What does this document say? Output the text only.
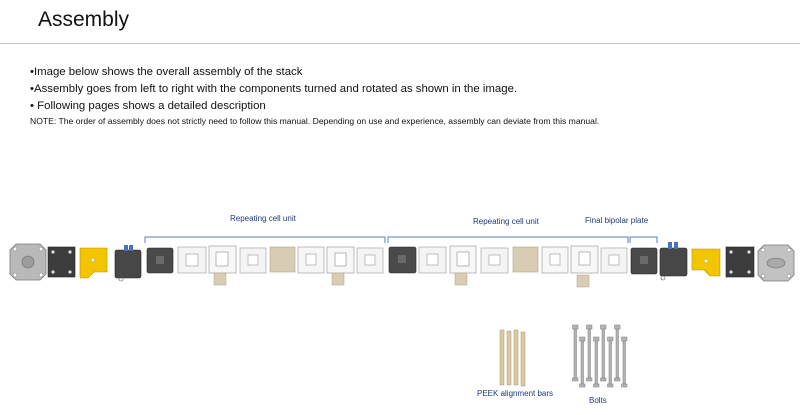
Assembly
•Image below shows the overall assembly of the stack
•Assembly goes from left to right with the components turned and rotated as shown in the image.
• Following pages shows a detailed description
NOTE: The order of assembly does not strictly need to follow this manual. Depending on use and experience, assembly can deviate from this manual.
Repeating cell unit	Repeating cell unit	Final bipolar plate
PEEK alignment bars
Bolts
